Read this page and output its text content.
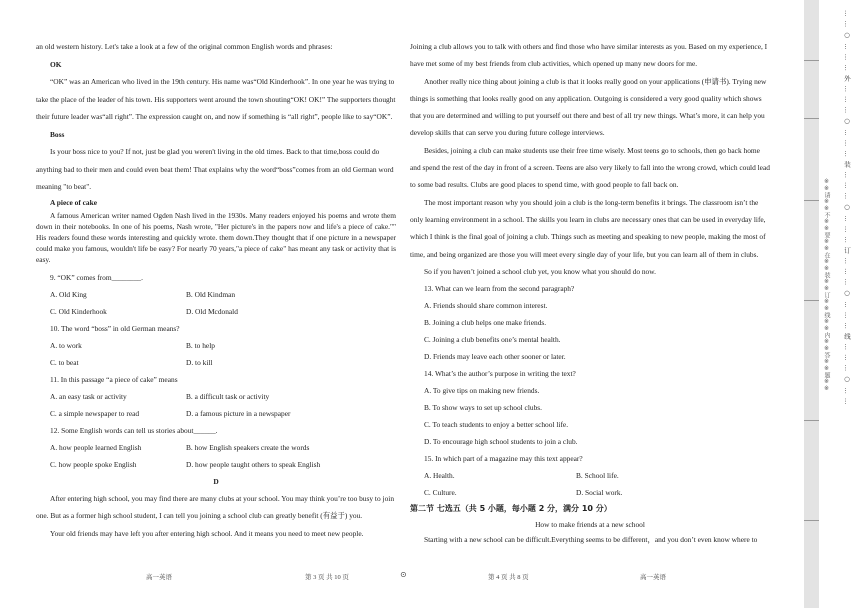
an old western history. Let's take a look at a few of the original common English words and phrases:

OK

“OK” was an American who lived in the 19th century. His name was“Old Kinderhook”. In one year he was trying to take the place of the leader of his town. His supporters went around the town shouting“OK! OK!” The supporters thought their future leader was“all right”. The expression caught on, and now if something is “all right”, people like to say“OK”.

Boss

Is your boss nice to you? If not, just be glad you weren't living in the old times. Back to that time,boss could do anything bad to their men and could even beat them! That explains why the word“boss”comes from an old German word meaning "to beat".

A piece of cake

A famous American writer named Ogden Nash lived in the 1930s. Many readers enjoyed his poems and wrote them down in their notebooks. In one of his poems, Nash wrote, "Her picture's in the papers now and life's a piece of cake."" His readers found these words interesting and quickly wrote. them down.They thought that if one picture in a newspaper could make you famous, wouldn't life be easy? For nearly 70 years,"a piece of cake" has meant any task or activity that is easy.

9. “OK” comes from________.

A. Old King	B. Old Kindman
C. Old Kinderhook	D. Old Mcdonald

10. The word “boss” in old German means?

A. to work	B. to help
C. to beat	D. to kill

11. In this passage “a piece of cake” means

A. an easy task or activity	B. a difficult task or activity
C. a simple newspaper to read	D. a famous picture in a newspaper

12. Some English words can tell us stories about______.

A. how people learned English	B. how English speakers create the words
C. how people spoke English	D. how people taught others to speak English

D

After entering high school, you may find there are many clubs at your school. You may think you’re too busy to join one. But as a former high school student, I can tell you joining a school club can greatly benefit (有益于) you.

Your old friends may have left you after entering high school. And it means you need to meet new people.

Joining a club allows you to talk with others and find those who have similar interests as you. Based on my experience, I have met some of my best friends from club activities, which opened up many new doors for me.

Another really nice thing about joining a club is that it looks really good on your applications (申请书). Trying new things is something that looks really good on any application. Outgoing is considered a very good quality which shows that you are determined and willing to put yourself out there and best of all try new things. What’s more, it can help you develop skills that can serve you during future college interviews.

Besides, joining a club can make students use their free time wisely. Most teens go to schools, then go back home and spend the rest of the day in front of a screen. Teens are also very likely to fall into the wrong crowd, which could lead to some bad results. Clubs are good places to spend time, with good people to fall back on.

The most important reason why you should join a club is the long-term benefits it brings. The classroom isn’t the only learning environment in a school. The skills you learn in clubs are necessary ones that can be used in everyday life, which I think is the final goal of joining a club. Things such as meeting and speaking to new people, making the most of time, and being organized are those you will meet every single day of your life, but you can learn all of them in clubs.

So if you haven’t joined a school club yet, you know what you should do now.

13. What can we learn from the second paragraph?

A. Friends should share common interest.

B. Joining a club helps one make friends.

C. Joining a club benefits one’s mental health.

D. Friends may leave each other sooner or later.

14. What’s the author’s purpose in writing the text?

A. To give tips on making new friends.

B. To show ways to set up school clubs.

C. To teach students to enjoy a better school life.

D. To encourage high school students to join a club.

15. In which part of a magazine may this text appear?

A. Health.	B. School life.
C. Culture.	D. Social work.

第二节 七选五（共 5 小题，每小题 2 分，满分 10 分）

How to make friends at a new school

Starting with a new school can be difficult.Everything seems to be different，and you don’t even know where to

高一英语	第 3 页 共 10 页	⊙	第 4 页 共 8 页	高一英语
※※请※※不※※要※※在※※装※※订※※线※※内※※答※※题※※ … … ○ … … … 外 … … … ○ … … … 装 … … … ○ … … … 订 … … … ○ … … … 线 … … … ○ … …
